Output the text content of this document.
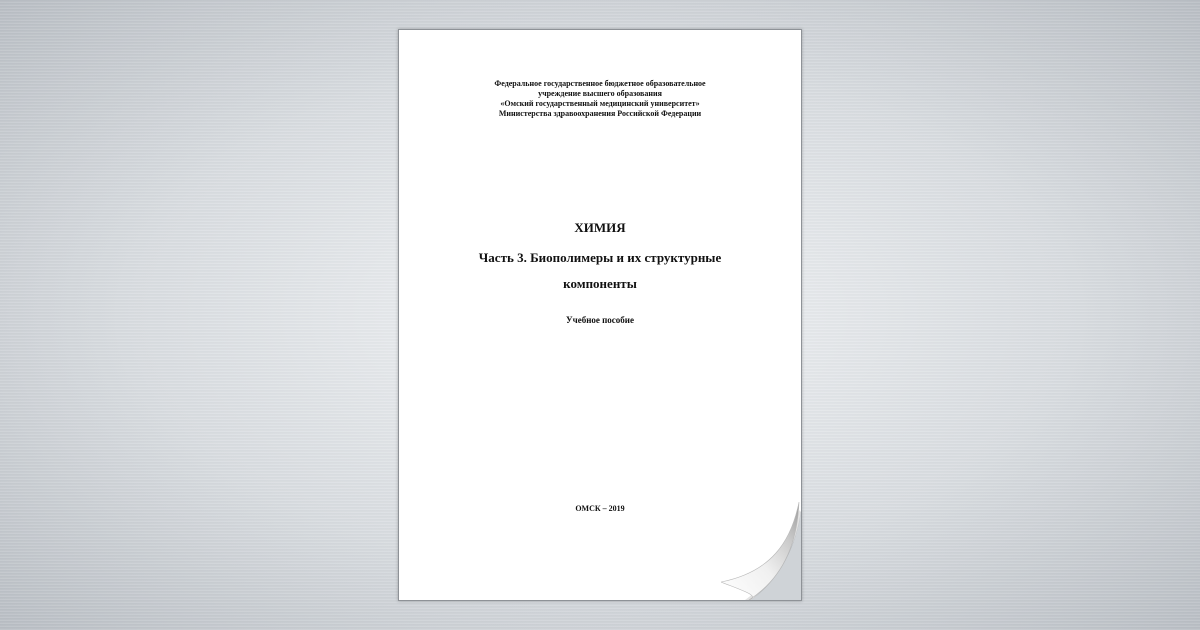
Федеральное государственное бюджетное образовательное
учреждение высшего образования
«Омский государственный медицинский университет»
Министерства здравоохранения Российской Федерации
ХИМИЯ
Часть 3. Биополимеры и их структурные
компоненты
Учебное пособие
ОМСК – 2019
